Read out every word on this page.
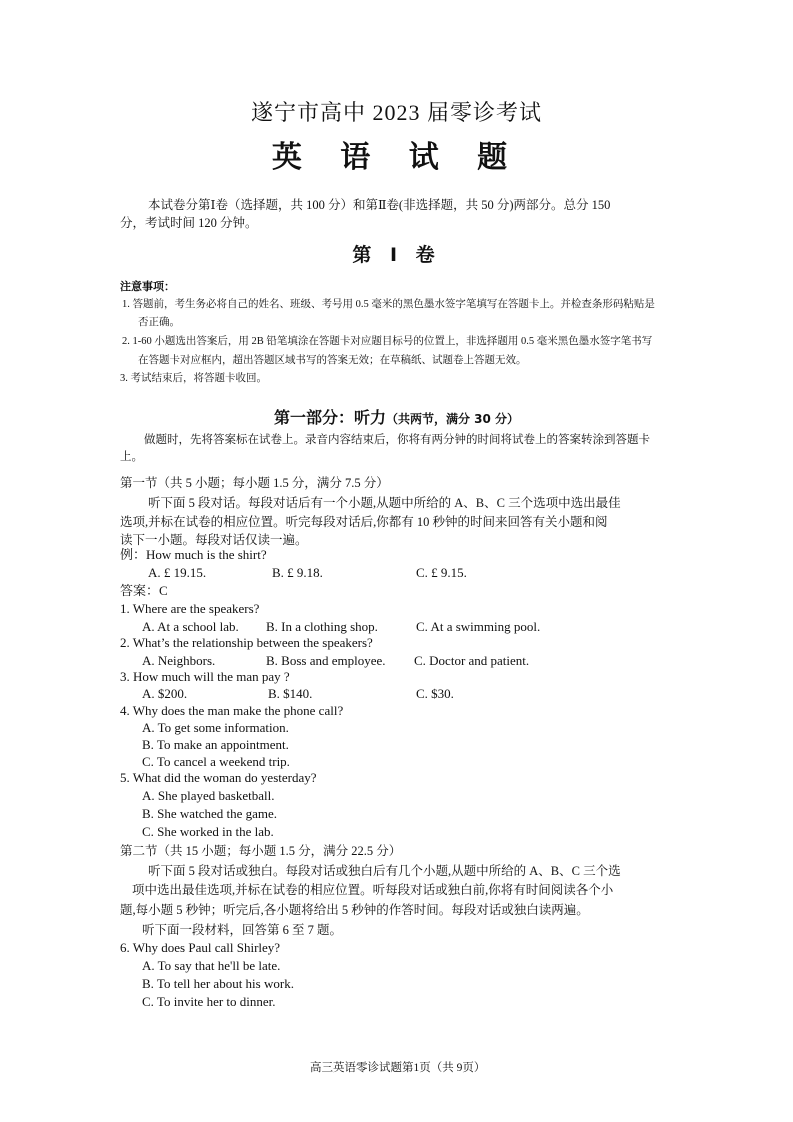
遂宁市高中 2023 届零诊考试
英 语 试 题
本试卷分第Ⅰ卷（选择题，共 100 分）和第Ⅱ卷(非选择题，共 50 分)两部分。总分 150
分，考试时间 120 分钟。
第 Ⅰ 卷
注意事项：
1. 答题前，考生务必将自己的姓名、班级、考号用 0.5 毫米的黑色墨水签字笔填写在答题卡上。并检查条形码粘贴是
否正确。
2. 1-60 小题选出答案后，用 2B 铅笔填涂在答题卡对应题目标号的位置上，非选择题用 0.5 毫米黑色墨水签字笔书写
在答题卡对应框内，超出答题区域书写的答案无效；在草稿纸、试题卷上答题无效。
3. 考试结束后，将答题卡收回。
第一部分：听力（共两节，满分 30 分）
做题时，先将答案标在试卷上。录音内容结束后，你将有两分钟的时间将试卷上的答案转涂到答题卡
上。
第一节（共 5 小题；每小题 1.5 分，满分 7.5 分）
听下面 5 段对话。每段对话后有一个小题,从题中所给的 A、B、C 三个选项中选出最佳
选项,并标在试卷的相应位置。听完每段对话后,你都有 10 秒钟的时间来回答有关小题和阅
读下一小题。每段对话仅读一遍。
例：How much is the shirt?
A. £ 19.15.	B. £ 9.18.	C. £ 9.15.
答案：C
1. Where are the speakers?
A. At a school lab. B. In a clothing shop.	C. At a swimming pool.
2. What’s the relationship between the speakers?
A. Neighbors.	B. Boss and employee. C. Doctor and patient.
3. How much will the man pay ?
A. $200.	B. $140.	C. $30.
4. Why does the man make the phone call?
A. To get some information.
B. To make an appointment.
C. To cancel a weekend trip.
5. What did the woman do yesterday?
A. She played basketball.
B. She watched the game.
C. She worked in the lab.
第二节（共 15 小题；每小题 1.5 分，满分 22.5 分）
听下面 5 段对话或独白。每段对话或独白后有几个小题,从题中所给的 A、B、C 三个选
项中选出最佳选项,并标在试卷的相应位置。听每段对话或独白前,你将有时间阅读各个小
题,每小题 5 秒钟；听完后,各小题将给出 5 秒钟的作答时间。每段对话或独白读两遍。
听下面一段材料，回答第 6 至 7 题。
6. Why does Paul call Shirley?
A. To say that he'll be late.
B. To tell her about his work.
C. To invite her to dinner.
高三英语零诊试题第1页（共 9页）
